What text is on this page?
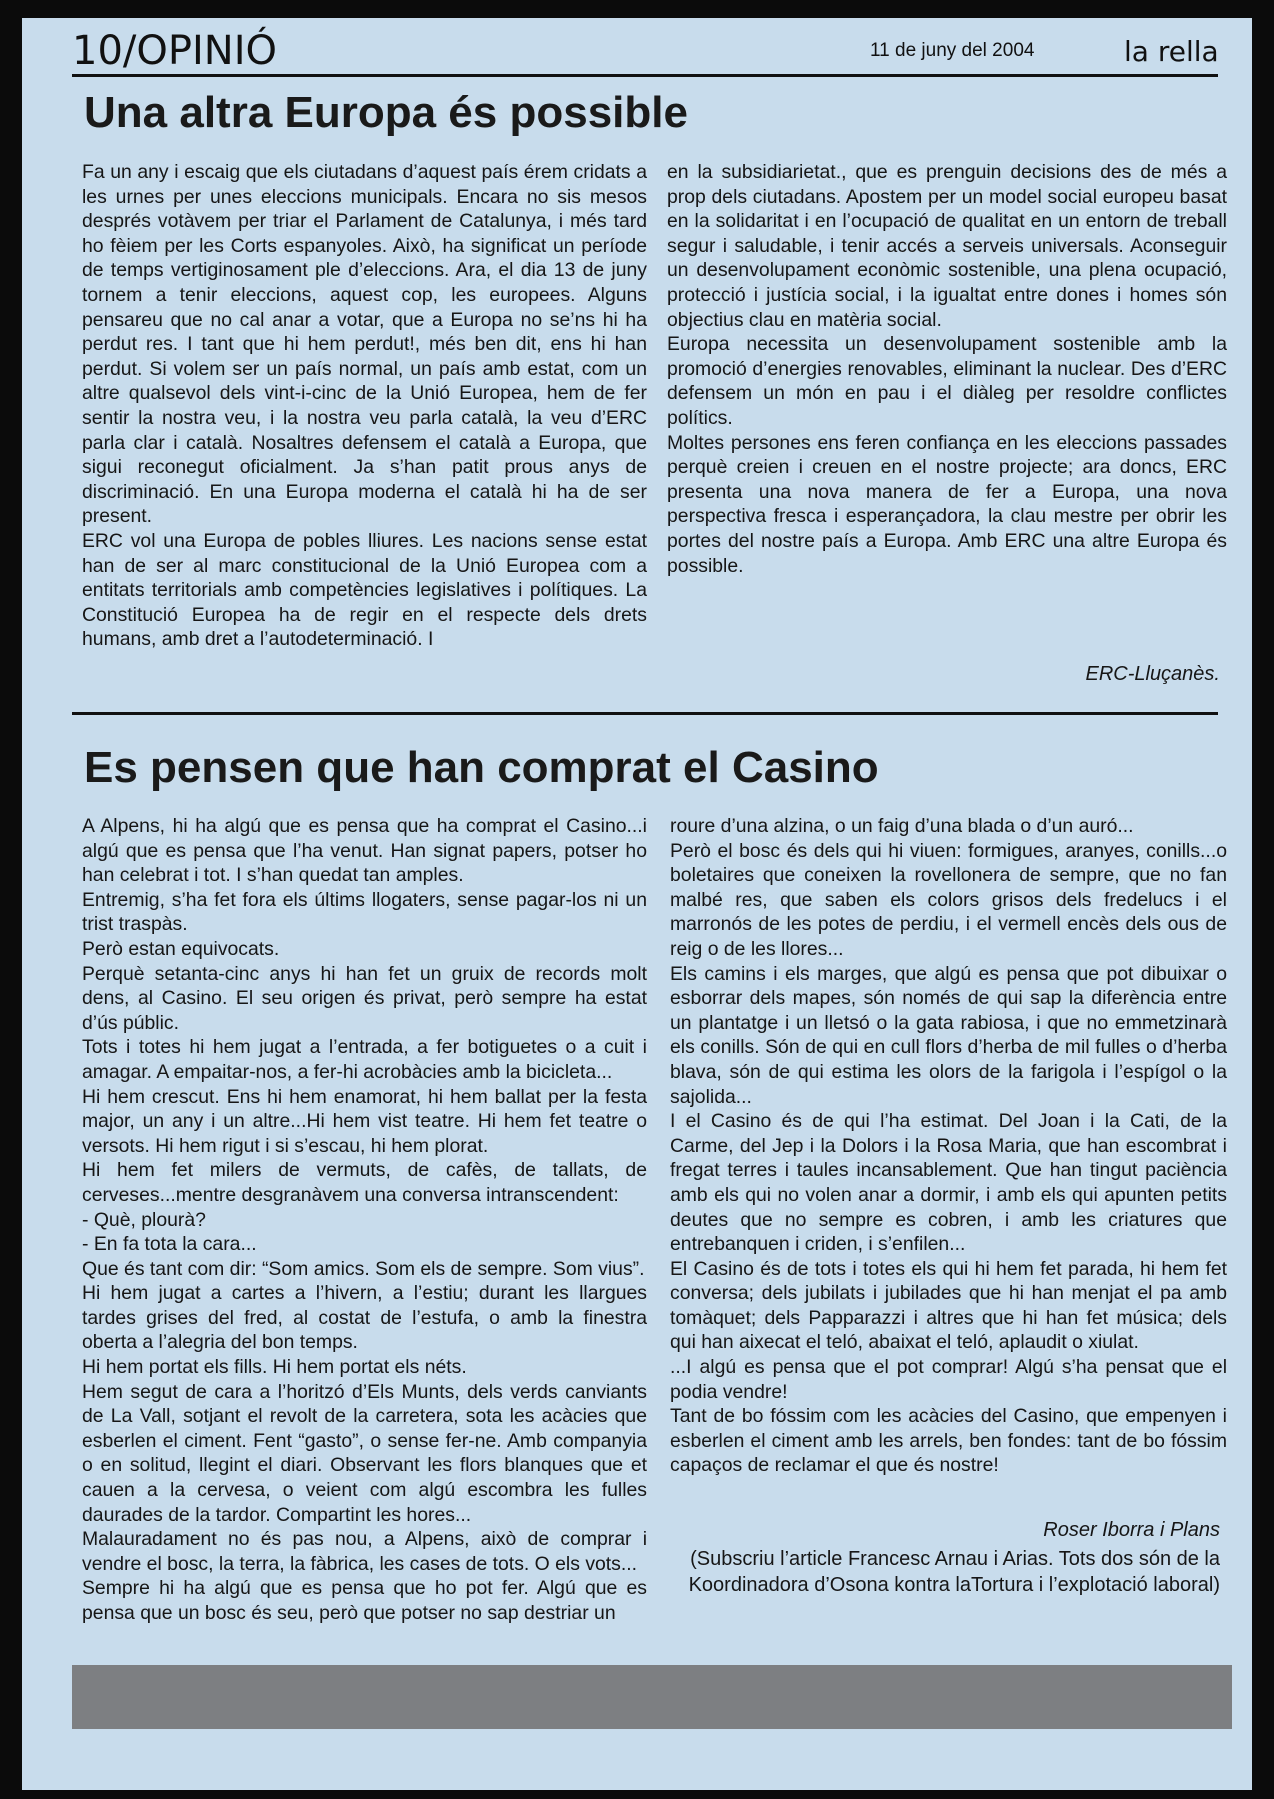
10/OPINIÓ	11 de juny del 2004	la rella
Una altra Europa és possible

Fa un any i escaig que els ciutadans d’aquest país érem cridats a les urnes per unes eleccions municipals. Encara no sis mesos després votàvem per triar el Parlament de Catalunya, i més tard ho fèiem per les Corts espanyoles. Això, ha significat un període de temps vertiginosament ple d’eleccions. Ara, el dia 13 de juny tornem a tenir eleccions, aquest cop, les europees. Alguns pensareu que no cal anar a votar, que a Europa no se’ns hi ha perdut res. I tant que hi hem perdut!, més ben dit, ens hi han perdut. Si volem ser un país normal, un país amb estat, com un altre qualsevol dels vint-i-cinc de la Unió Europea, hem de fer sentir la nostra veu, i la nostra veu parla català, la veu d’ERC parla clar i català. Nosaltres defensem el català a Europa, que sigui reconegut oficialment. Ja s’han patit prous anys de discriminació. En una Europa moderna el català hi ha de ser present.

ERC vol una Europa de pobles lliures. Les nacions sense estat han de ser al marc constitucional de la Unió Europea com a entitats territorials amb competències legislatives i polítiques. La Constitució Europea ha de regir en el respecte dels drets humans, amb dret a l’autodeterminació. I

en la subsidiarietat., que es prenguin decisions des de més a prop dels ciutadans. Apostem per un model social europeu basat en la solidaritat i en l’ocupació de qualitat en un entorn de treball segur i saludable, i tenir accés a serveis universals. Aconseguir un desenvolupament econòmic sostenible, una plena ocupació, protecció i justícia social, i la igualtat entre dones i homes són objectius clau en matèria social.

Europa necessita un desenvolupament sostenible amb la promoció d’energies renovables, eliminant la nuclear. Des d’ERC defensem un món en pau i el diàleg per resoldre conflictes polítics.

Moltes persones ens feren confiança en les eleccions passades perquè creien i creuen en el nostre projecte; ara doncs, ERC presenta una nova manera de fer a Europa, una nova perspectiva fresca i esperançadora, la clau mestre per obrir les portes del nostre país a Europa. Amb ERC una altre Europa és possible.

ERC-Lluçanès.
Es pensen que han comprat el Casino

A Alpens, hi ha algú que es pensa que ha comprat el Casino...i algú que es pensa que l’ha venut. Han signat papers, potser ho han celebrat i tot. I s’han quedat tan amples.

Entremig, s’ha fet fora els últims llogaters, sense pagar-los ni un trist traspàs.

Però estan equivocats.

Perquè setanta-cinc anys hi han fet un gruix de records molt dens, al Casino. El seu origen és privat, però sempre ha estat d’ús públic.

Tots i totes hi hem jugat a l’entrada, a fer botiguetes o a cuit i amagar. A empaitar-nos, a fer-hi acrobàcies amb la bicicleta...

Hi hem crescut. Ens hi hem enamorat, hi hem ballat per la festa major, un any i un altre...Hi hem vist teatre. Hi hem fet teatre o versots. Hi hem rigut i si s’escau, hi hem plorat.

Hi hem fet milers de vermuts, de cafès, de tallats, de cerveses...mentre desgranàvem una conversa intranscendent:

- Què, plourà?

- En fa tota la cara...

Que és tant com dir: “Som amics. Som els de sempre. Som vius”.

Hi hem jugat a cartes a l’hivern, a l’estiu; durant les llargues tardes grises del fred, al costat de l’estufa, o amb la finestra oberta a l’alegria del bon temps.

Hi hem portat els fills. Hi hem portat els néts.

Hem segut de cara a l’horitzó d’Els Munts, dels verds canviants de La Vall, sotjant el revolt de la carretera, sota les acàcies que esberlen el ciment. Fent “gasto”, o sense fer-ne. Amb companyia o en solitud, llegint el diari. Observant les flors blanques que et cauen a la cervesa, o veient com algú escombra les fulles daurades de la tardor. Compartint les hores...

Malauradament no és pas nou, a Alpens, això de comprar i vendre el bosc, la terra, la fàbrica, les cases de tots. O els vots...

Sempre hi ha algú que es pensa que ho pot fer. Algú que es pensa que un bosc és seu, però que potser no sap destriar un

roure d’una alzina, o un faig d’una blada o d’un auró...

Però el bosc és dels qui hi viuen: formigues, aranyes, conills...o boletaires que coneixen la rovellonera de sempre, que no fan malbé res, que saben els colors grisos dels fredelucs i el marronós de les potes de perdiu, i el vermell encès dels ous de reig o de les llores...

Els camins i els marges, que algú es pensa que pot dibuixar o esborrar dels mapes, són només de qui sap la diferència entre un plantatge i un lletsó o la gata rabiosa, i que no emmetzinarà els conills. Són de qui en cull flors d’herba de mil fulles o d’herba blava, són de qui estima les olors de la farigola i l’espígol o la sajolida...

I el Casino és de qui l’ha estimat. Del Joan i la Cati, de la Carme, del Jep i la Dolors i la Rosa Maria, que han escombrat i fregat terres i taules incansablement. Que han tingut paciència amb els qui no volen anar a dormir, i amb els qui apunten petits deutes que no sempre es cobren, i amb les criatures que entrebanquen i criden, i s’enfilen...

El Casino és de tots i totes els qui hi hem fet parada, hi hem fet conversa; dels jubilats i jubilades que hi han menjat el pa amb tomàquet; dels Papparazzi i altres que hi han fet música; dels qui han aixecat el teló, abaixat el teló, aplaudit o xiulat.

...I algú es pensa que el pot comprar! Algú s’ha pensat que el podia vendre!

Tant de bo fóssim com les acàcies del Casino, que empenyen i esberlen el ciment amb les arrels, ben fondes: tant de bo fóssim capaços de reclamar el que és nostre!

Roser Iborra i Plans
(Subscriu l’article Francesc Arnau i Arias. Tots dos són de la Koordinadora d’Osona kontra laTortura i l’explotació laboral)
